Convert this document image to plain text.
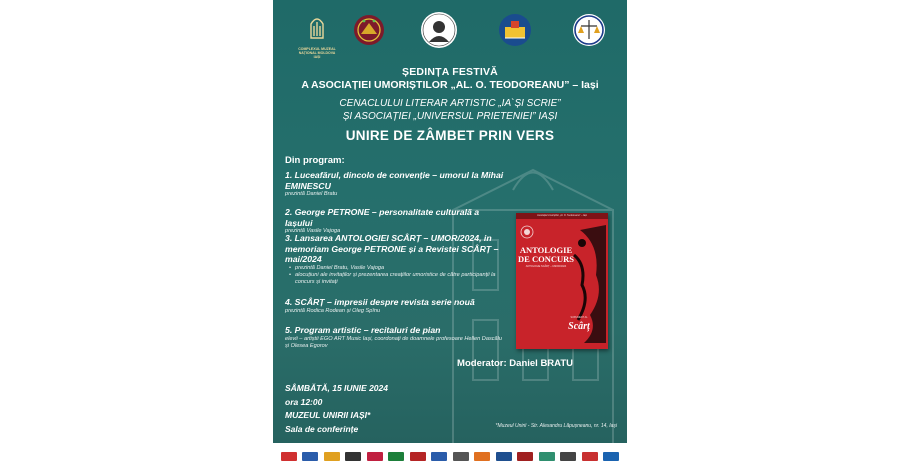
COMPLEXUL MUZEAL NAȚIONAL MOLDOVA IAȘI
ȘEDINȚA FESTIVĂ
A ASOCIAȚIEI UMORIȘTILOR „AL. O. TEODOREANU” – Iași
CENACLULUI LITERAR ARTISTIC „IA`ȘI SCRIE”
ȘI ASOCIAȚIEI „UNIVERSUL PRIETENIEI” IAȘI
UNIRE DE ZÂMBET PRIN VERS
Din program:
1. Luceafărul, dincolo de convenție – umorul la Mihai EMINESCU
prezintă Daniel Bratu
2. George PETRONE – personalitate culturală a Iașului
prezintă Vasile Vajoga
3. Lansarea ANTOLOGIEI SCÂRȚ – UMOR/2024, in memoriam George PETRONE și a Revistei SCÂRȚ – mai/2024
• prezintă Daniel Bratu, Vasile Vajoga
• alocuțiuni ale invitaților și prezentarea creațiilor umoristice de către participanții la concurs și invitați
4. SCÂRȚ – impresii despre revista serie nouă
prezintă Rodica Rodean și Oleg Spînu
5. Program artistic – recitaluri de pian
elevii – artiștii EGO ART Music Iași, coordonați de doamnele profesoare Hellen Dascălu și Olesea Egorov
Asociația Umoriștilor „Al. O. Teodoreanu” – Iași
ANTOLOGIE DE CONCURS
ANTOLOGIE SCÂRȚ – UMOR/2024
SUPLIMENT AL
Scârț
Moderator: Daniel BRATU
SÂMBĂTĂ, 15 IUNIE 2024
ora 12:00
MUZEUL UNIRII IAȘI*
Sala de conferințe	*Muzeul Unirii - Str. Alexandru Lăpușneanu, nr. 14, Iași
